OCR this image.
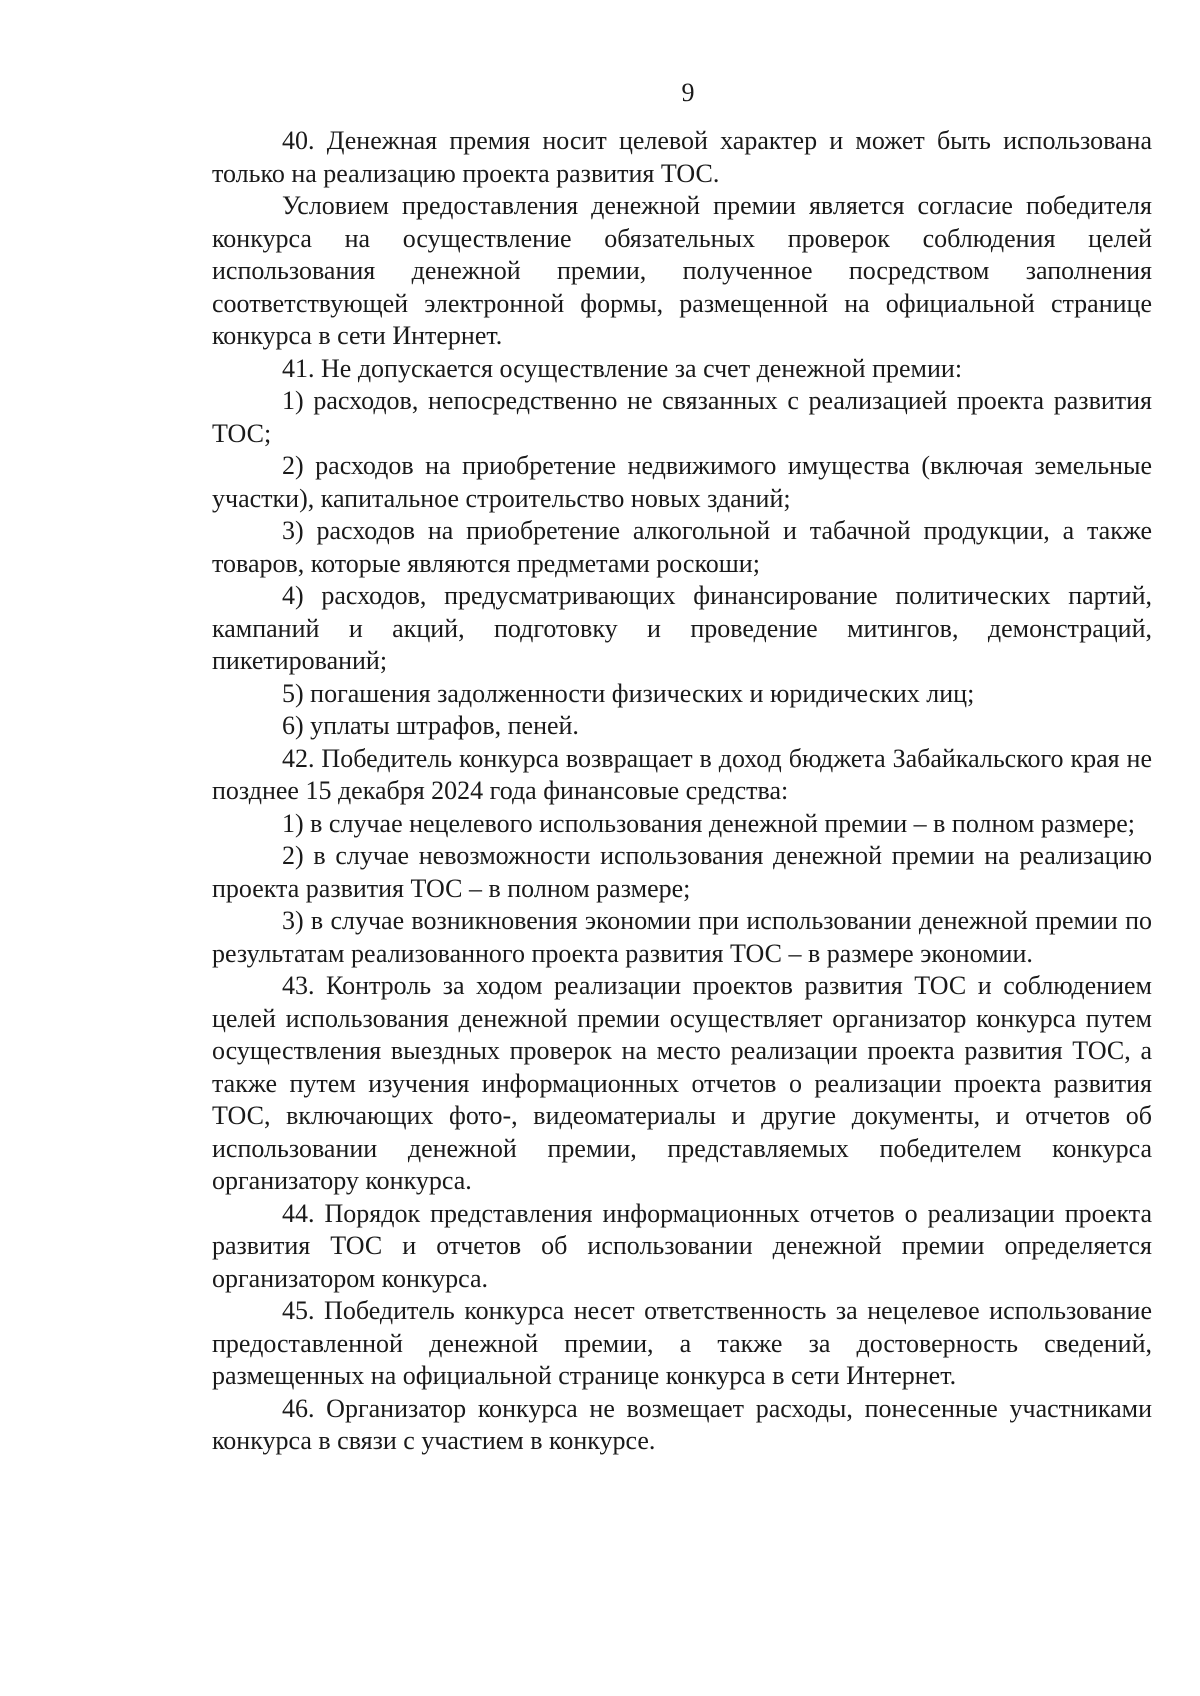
9

40. Денежная премия носит целевой характер и может быть использована только на реализацию проекта развития ТОС.

Условием предоставления денежной премии является согласие победителя конкурса на осуществление обязательных проверок соблюдения целей использования денежной премии, полученное посредством заполнения соответствующей электронной формы, размещенной на официальной странице конкурса в сети Интернет.

41. Не допускается осуществление за счет денежной премии:

1) расходов, непосредственно не связанных с реализацией проекта развития ТОС;

2) расходов на приобретение недвижимого имущества (включая земельные участки), капитальное строительство новых зданий;

3) расходов на приобретение алкогольной и табачной продукции, а также товаров, которые являются предметами роскоши;

4) расходов, предусматривающих финансирование политических партий, кампаний и акций, подготовку и проведение митингов, демонстраций, пикетирований;

5) погашения задолженности физических и юридических лиц;

6) уплаты штрафов, пеней.

42. Победитель конкурса возвращает в доход бюджета Забайкальского края не позднее 15 декабря 2024 года финансовые средства:

1) в случае нецелевого использования денежной премии – в полном размере;

2) в случае невозможности использования денежной премии на реализацию проекта развития ТОС – в полном размере;

3) в случае возникновения экономии при использовании денежной премии по результатам реализованного проекта развития ТОС – в размере экономии.

43. Контроль за ходом реализации проектов развития ТОС и соблюдением целей использования денежной премии осуществляет организатор конкурса путем осуществления выездных проверок на место реализации проекта развития ТОС, а также путем изучения информационных отчетов о реализации проекта развития ТОС, включающих фото-, видеоматериалы и другие документы, и отчетов об использовании денежной премии, представляемых победителем конкурса организатору конкурса.

44. Порядок представления информационных отчетов о реализации проекта развития ТОС и отчетов об использовании денежной премии определяется организатором конкурса.

45. Победитель конкурса несет ответственность за нецелевое использование предоставленной денежной премии, а также за достоверность сведений, размещенных на официальной странице конкурса в сети Интернет.

46. Организатор конкурса не возмещает расходы, понесенные участниками конкурса в связи с участием в конкурсе.
